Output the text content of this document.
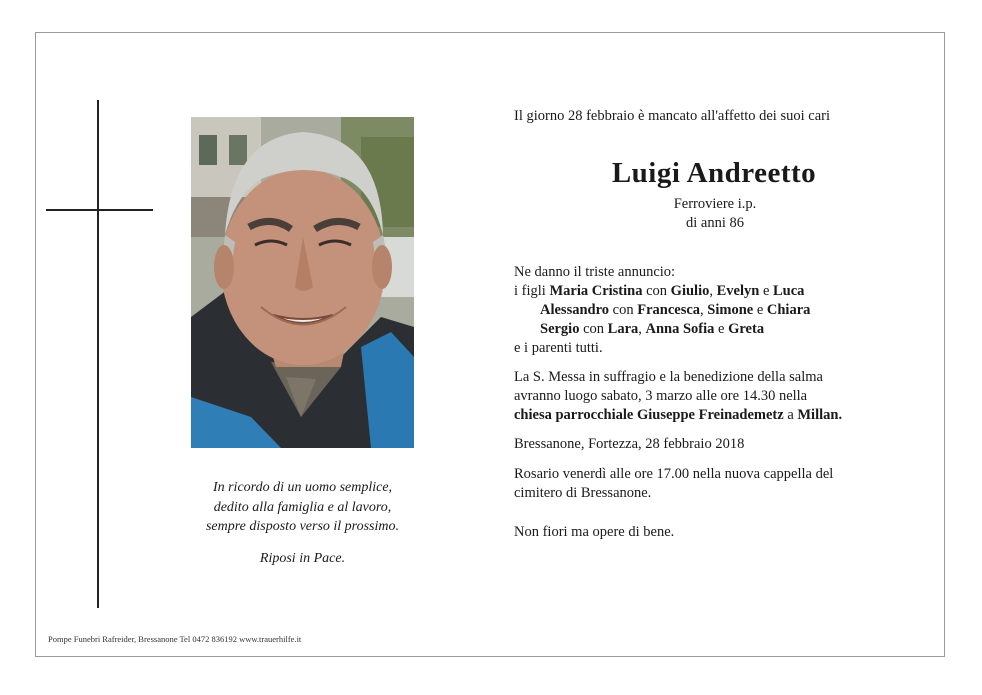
In ricordo di un uomo semplice,

dedito alla famiglia e al lavoro,

sempre disposto verso il prossimo.

Riposi in Pace.

Pompe Funebri Rafreider, Bressanone Tel 0472 836192 www.trauerhilfe.it
Il giorno 28 febbraio è mancato all'affetto dei suoi cari
Luigi Andreetto
Ferroviere i.p.
di anni 86
Ne danno il triste annuncio:
i figli Maria Cristina con Giulio, Evelyn e Luca
Alessandro con Francesca, Simone e Chiara
Sergio con Lara, Anna Sofia e Greta
e i parenti tutti.
La S. Messa in suffragio e la benedizione della salma
avranno luogo sabato, 3 marzo alle ore 14.30 nella
chiesa parrocchiale Giuseppe Freinademetz a Millan.
Bressanone, Fortezza, 28 febbraio 2018
Rosario venerdì alle ore 17.00 nella nuova cappella del
cimitero di Bressanone.
Non fiori ma opere di bene.
